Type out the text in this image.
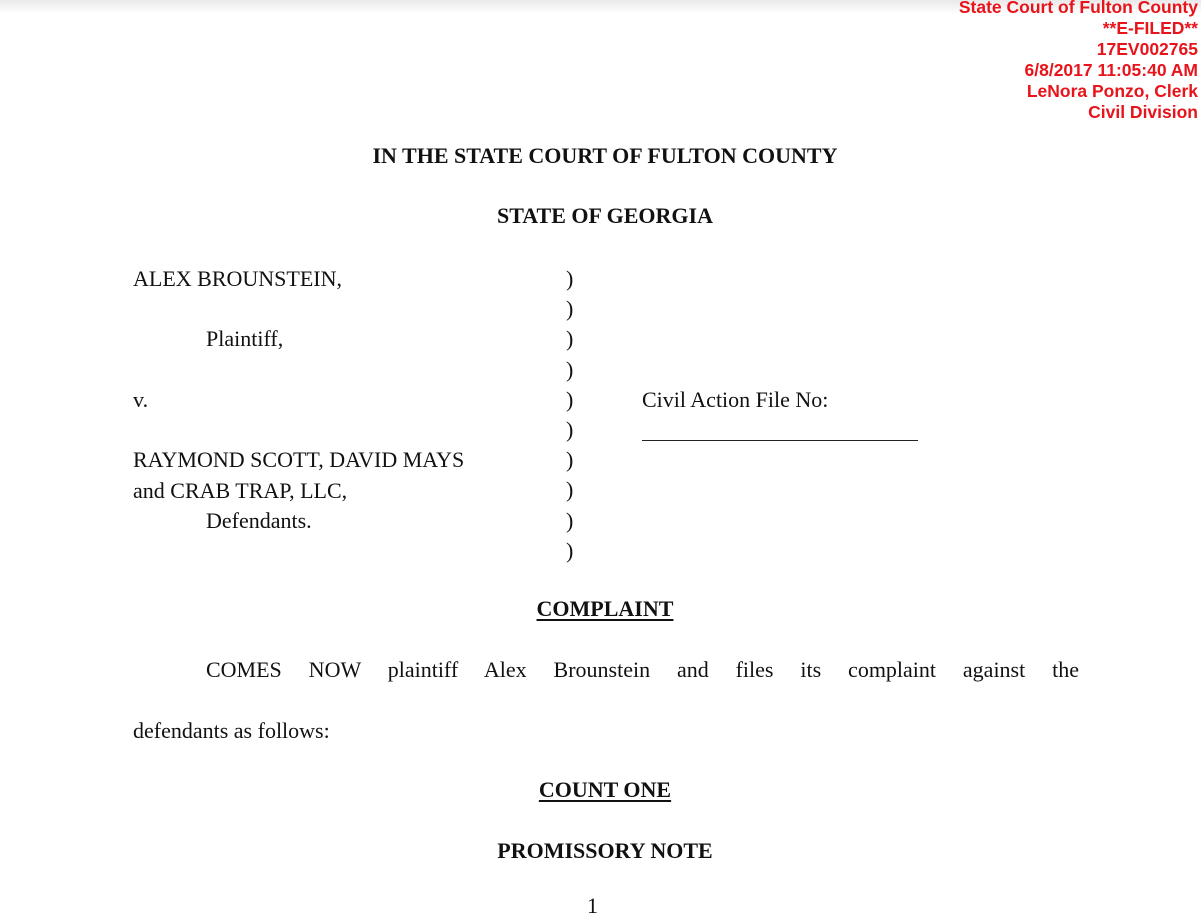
State Court of Fulton County
**E-FILED**
17EV002765
6/8/2017 11:05:40 AM
LeNora Ponzo, Clerk
Civil Division
IN THE STATE COURT OF FULTON COUNTY
STATE OF GEORGIA
ALEX BROUNSTEIN,
Plaintiff,
v.
RAYMOND SCOTT, DAVID MAYS
and CRAB TRAP, LLC,
Defendants.
)
)
)
)
)
)
)
)
)
)
Civil Action File No:
COMPLAINT
COMES NOW plaintiff Alex Brounstein and files its complaint against the
defendants as follows:
COUNT ONE
PROMISSORY NOTE
1
